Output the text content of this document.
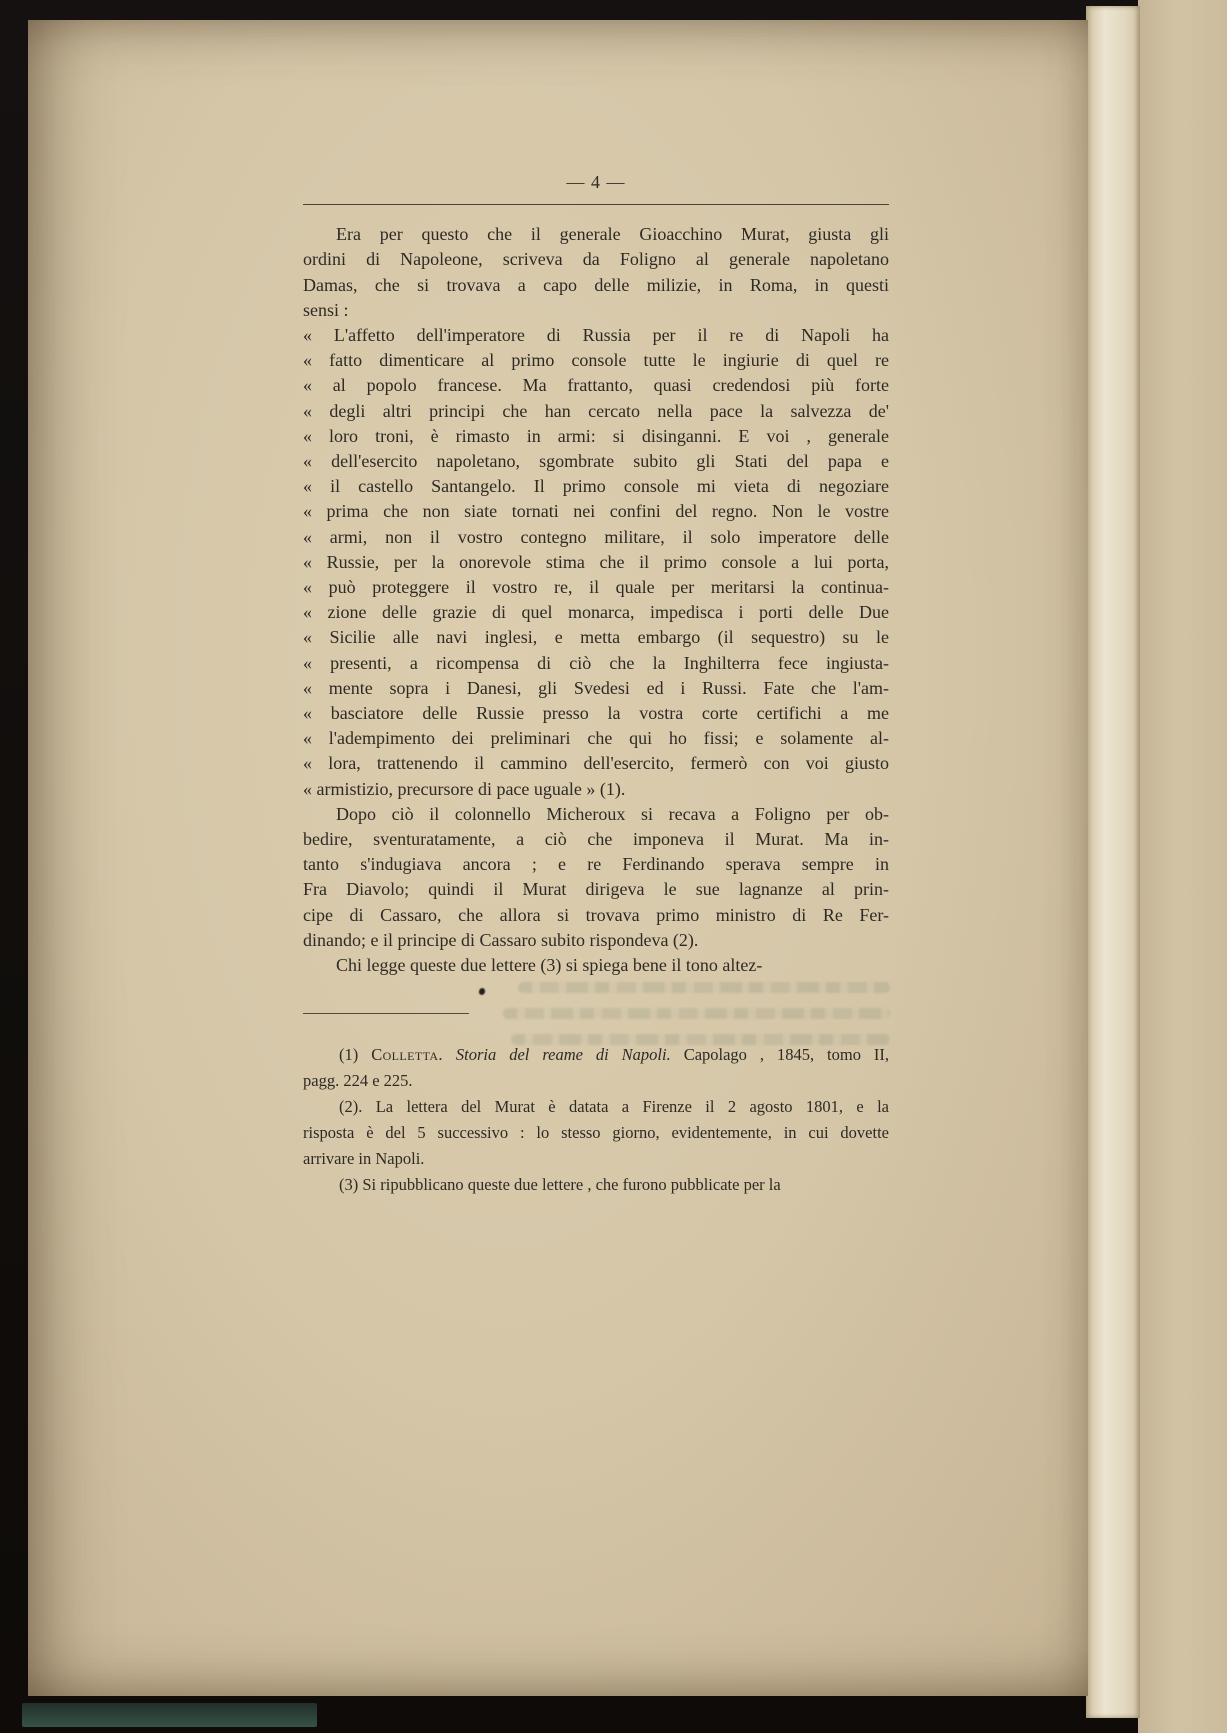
— 4 —
Era per questo che il generale Gioacchino Murat, giusta gli
ordini di Napoleone, scriveva da Foligno al generale napoletano
Damas, che si trovava a capo delle milizie, in Roma, in questi
sensi :
« L'affetto dell'imperatore di Russia per il re di Napoli ha
« fatto dimenticare al primo console tutte le ingiurie di quel re
« al popolo francese. Ma frattanto, quasi credendosi più forte
« degli altri principi che han cercato nella pace la salvezza de'
« loro troni, è rimasto in armi: si disinganni. E voi , generale
« dell'esercito napoletano, sgombrate subito gli Stati del papa e
« il castello Santangelo. Il primo console mi vieta di negoziare
« prima che non siate tornati nei confini del regno. Non le vostre
« armi, non il vostro contegno militare, il solo imperatore delle
« Russie, per la onorevole stima che il primo console a lui porta,
« può proteggere il vostro re, il quale per meritarsi la continua-
« zione delle grazie di quel monarca, impedisca i porti delle Due
« Sicilie alle navi inglesi, e metta embargo (il sequestro) su le
« presenti, a ricompensa di ciò che la Inghilterra fece ingiusta-
« mente sopra i Danesi, gli Svedesi ed i Russi. Fate che l'am-
« basciatore delle Russie presso la vostra corte certifichi a me
« l'adempimento dei preliminari che qui ho fissi; e solamente al-
« lora, trattenendo il cammino dell'esercito, fermerò con voi giusto
« armistizio, precursore di pace uguale » (1).
Dopo ciò il colonnello Micheroux si recava a Foligno per ob-
bedire, sventuratamente, a ciò che imponeva il Murat. Ma in-
tanto s'indugiava ancora ; e re Ferdinando sperava sempre in
Fra Diavolo; quindi il Murat dirigeva le sue lagnanze al prin-
cipe di Cassaro, che allora si trovava primo ministro di Re Fer-
dinando; e il principe di Cassaro subito rispondeva (2).
Chi legge queste due lettere (3) si spiega bene il tono altez-
(1) Colletta. Storia del reame di Napoli. Capolago , 1845, tomo II,
pagg. 224 e 225.
(2). La lettera del Murat è datata a Firenze il 2 agosto 1801, e la
risposta è del 5 successivo : lo stesso giorno, evidentemente, in cui dovette
arrivare in Napoli.
(3) Si ripubblicano queste due lettere , che furono pubblicate per la
